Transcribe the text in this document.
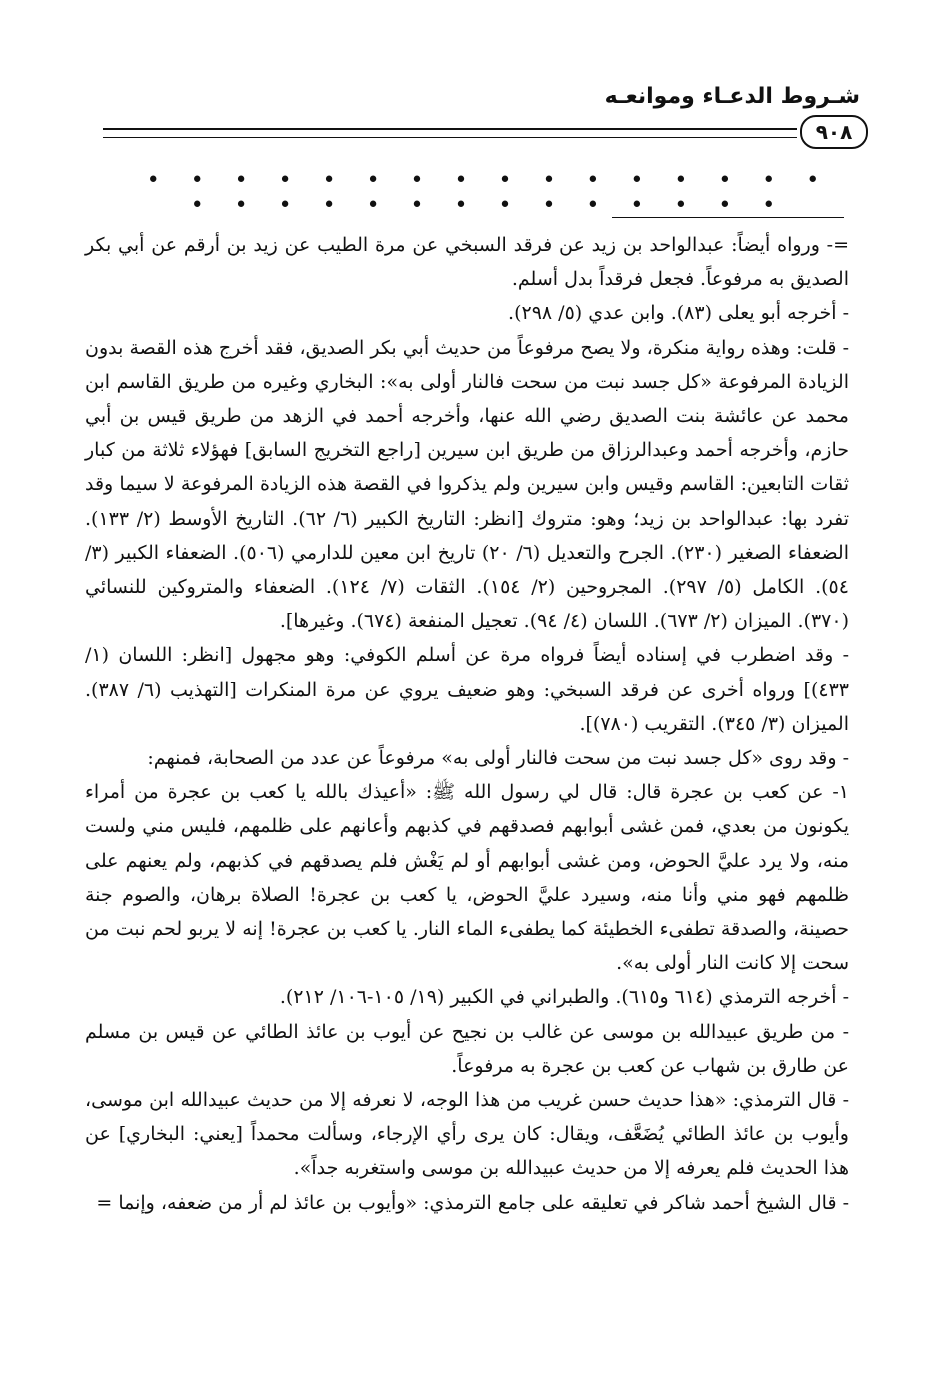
شـروط الدعـاء وموانعـه
٩٠٨
• • • • • • • • • • • • • • • • • • • • • • • • • • • • • •

=- ورواه أيضاً: عبدالواحد بن زيد عن فرقد السبخي عن مرة الطيب عن زيد بن أرقم عن أبي بكر الصديق به مرفوعاً. فجعل فرقداً بدل أسلم.

- أخرجه أبو يعلى (٨٣). وابن عدي (٥/ ٢٩٨).

- قلت: وهذه رواية منكرة، ولا يصح مرفوعاً من حديث أبي بكر الصديق، فقد أخرج هذه القصة بدون الزيادة المرفوعة «كل جسد نبت من سحت فالنار أولى به»: البخاري وغيره من طريق القاسم ابن محمد عن عائشة بنت الصديق رضي الله عنها، وأخرجه أحمد في الزهد من طريق قيس بن أبي حازم، وأخرجه أحمد وعبدالرزاق من طريق ابن سيرين [راجع التخريج السابق] فهؤلاء ثلاثة من كبار ثقات التابعين: القاسم وقيس وابن سيرين ولم يذكروا في القصة هذه الزيادة المرفوعة لا سيما وقد تفرد بها: عبدالواحد بن زيد؛ وهو: متروك [انظر: التاريخ الكبير (٦/ ٦٢). التاريخ الأوسط (٢/ ١٣٣). الضعفاء الصغير (٢٣٠). الجرح والتعديل (٦/ ٢٠) تاريخ ابن معين للدارمي (٥٠٦). الضعفاء الكبير (٣/ ٥٤). الكامل (٥/ ٢٩٧). المجروحين (٢/ ١٥٤). الثقات (٧/ ١٢٤). الضعفاء والمتروكين للنسائي (٣٧٠). الميزان (٢/ ٦٧٣). اللسان (٤/ ٩٤). تعجيل المنفعة (٦٧٤). وغيرها].

- وقد اضطرب في إسناده أيضاً فرواه مرة عن أسلم الكوفي: وهو مجهول [انظر: اللسان (١/ ٤٣٣)] ورواه أخرى عن فرقد السبخي: وهو ضعيف يروي عن مرة المنكرات [التهذيب (٦/ ٣٨٧). الميزان (٣/ ٣٤٥). التقريب (٧٨٠)].

- وقد روى «كل جسد نبت من سحت فالنار أولى به» مرفوعاً عن عدد من الصحابة، فمنهم:

١- عن كعب بن عجرة قال: قال لي رسول الله ﷺ: «أعيذك بالله يا كعب بن عجرة من أمراء يكونون من بعدي، فمن غشى أبوابهم فصدقهم في كذبهم وأعانهم على ظلمهم، فليس مني ولست منه، ولا يرد عليَّ الحوض، ومن غشى أبوابهم أو لم يَغْش فلم يصدقهم في كذبهم، ولم يعنهم على ظلمهم فهو مني وأنا منه، وسيرد عليَّ الحوض، يا كعب بن عجرة! الصلاة برهان، والصوم جنة حصينة، والصدقة تطفىء الخطيئة كما يطفىء الماء النار. يا كعب بن عجرة! إنه لا يربو لحم نبت من سحت إلا كانت النار أولى به».

- أخرجه الترمذي (٦١٤ و٦١٥). والطبراني في الكبير (١٩/ ١٠٥-١٠٦/ ٢١٢).

- من طريق عبيدالله بن موسى عن غالب بن نجيح عن أيوب بن عائذ الطائي عن قيس بن مسلم عن طارق بن شهاب عن كعب بن عجرة به مرفوعاً.

- قال الترمذي: «هذا حديث حسن غريب من هذا الوجه، لا نعرفه إلا من حديث عبيدالله ابن موسى، وأيوب بن عائذ الطائي يُضَعَّف، ويقال: كان يرى رأي الإرجاء، وسألت محمداً [يعني: البخاري] عن هذا الحديث فلم يعرفه إلا من حديث عبيدالله بن موسى واستغربه جداً».

- قال الشيخ أحمد شاكر في تعليقه على جامع الترمذي: «وأيوب بن عائذ لم أر من ضعفه، وإنما =
